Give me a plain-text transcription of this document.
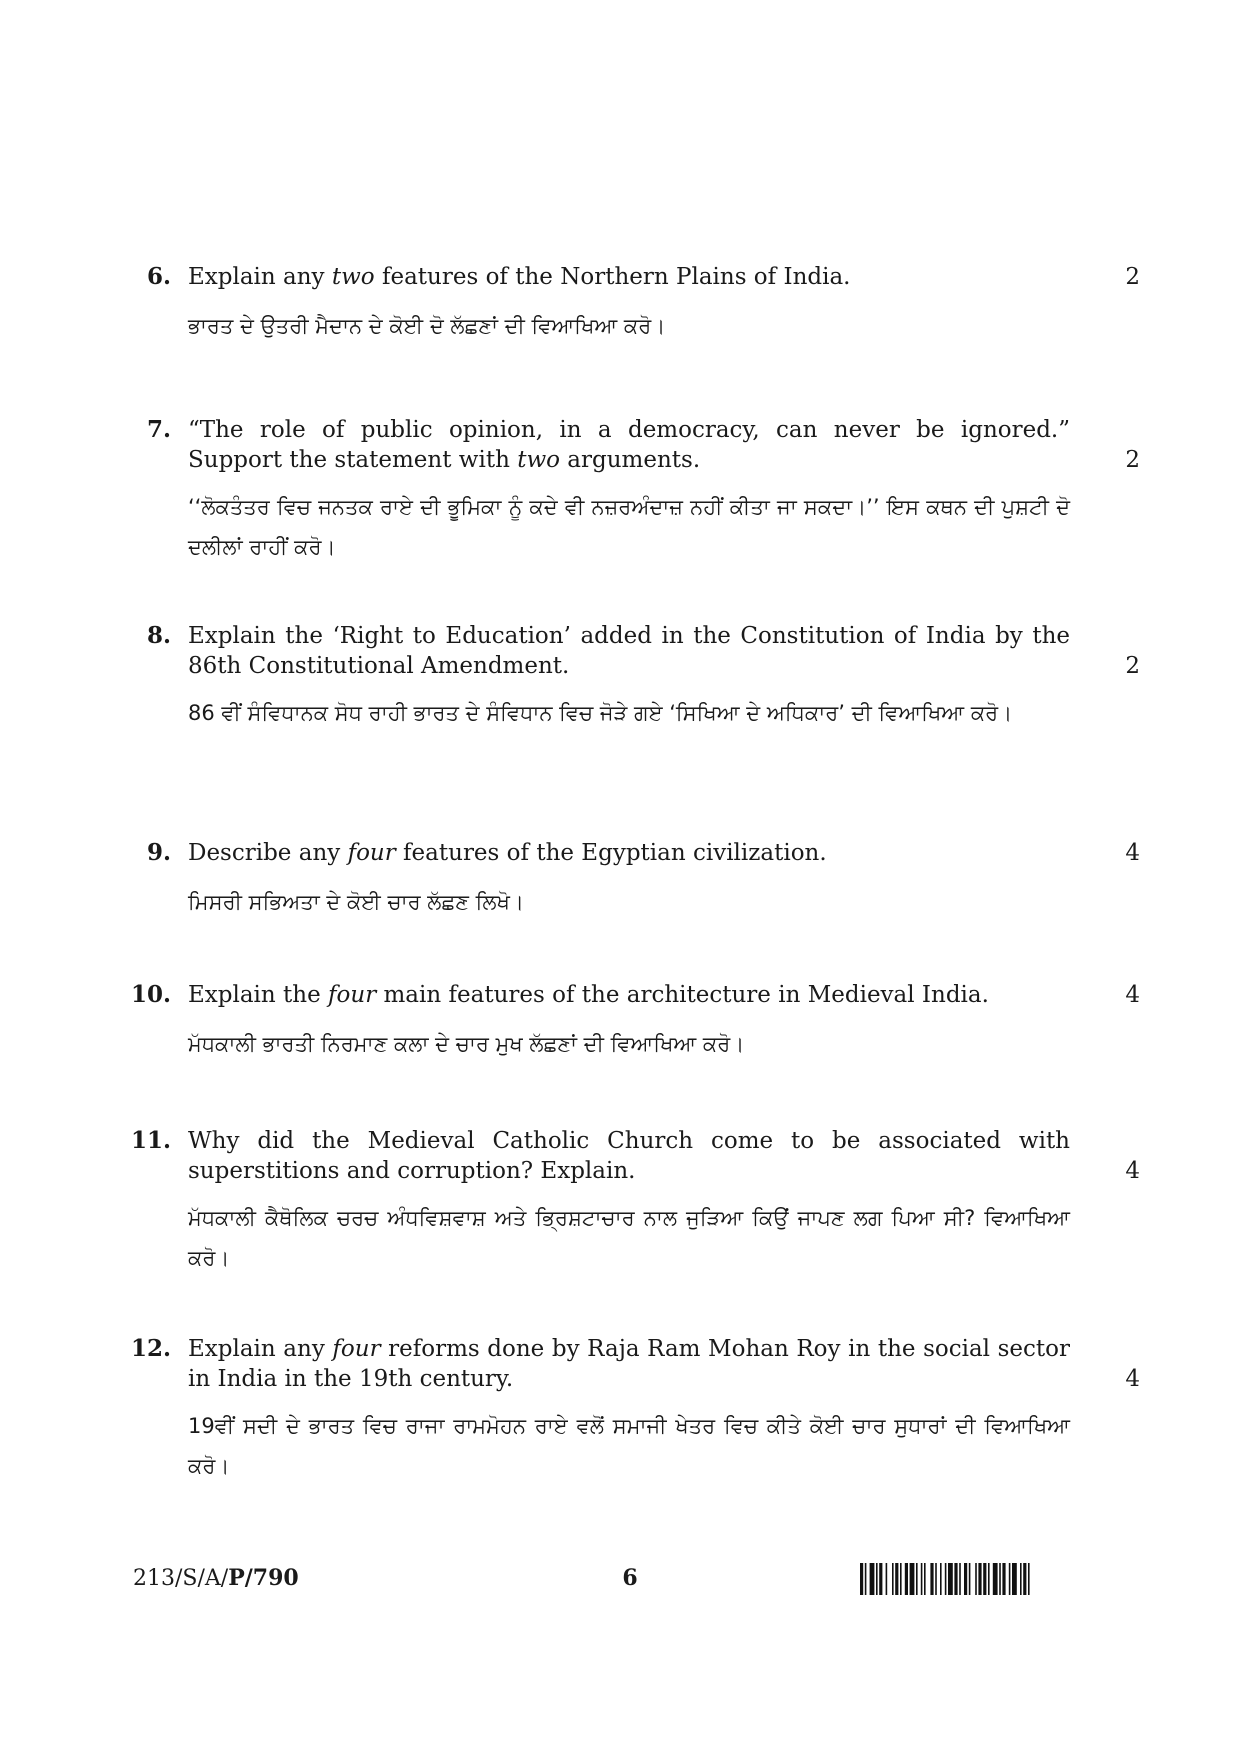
6. Explain any two features of the Northern Plains of India.	2
ਭਾਰਤ ਦੇ ਉਤਰੀ ਮੈਦਾਨ ਦੇ ਕੋਈ ਦੋ ਲੱਛਣਾਂ ਦੀ ਵਿਆਖਿਆ ਕਰੋ।
7. “The role of public opinion, in a democracy, can never be ignored.” Support the statement with two arguments.	2
‘‘ਲੋਕਤੰਤਰ ਵਿਚ ਜਨਤਕ ਰਾਏ ਦੀ ਭੂਮਿਕਾ ਨੂੰ ਕਦੇ ਵੀ ਨਜ਼ਰਅੰਦਾਜ਼ ਨਹੀਂ ਕੀਤਾ ਜਾ ਸਕਦਾ।’’ ਇਸ ਕਥਨ ਦੀ ਪੁਸ਼ਟੀ ਦੋ ਦਲੀਲਾਂ ਰਾਹੀਂ ਕਰੋ।
8. Explain the ‘Right to Education’ added in the Constitution of India by the 86th Constitutional Amendment.	2
86 ਵੀਂ ਸੰਵਿਧਾਨਕ ਸੋਧ ਰਾਹੀ ਭਾਰਤ ਦੇ ਸੰਵਿਧਾਨ ਵਿਚ ਜੋੜੇ ਗਏ ‘ਸਿਖਿਆ ਦੇ ਅਧਿਕਾਰ’ ਦੀ ਵਿਆਖਿਆ ਕਰੋ।
9. Describe any four features of the Egyptian civilization.	4
ਮਿਸਰੀ ਸਭਿਅਤਾ ਦੇ ਕੋਈ ਚਾਰ ਲੱਛਣ ਲਿਖੋ।
10. Explain the four main features of the architecture in Medieval India.	4
ਮੱਧਕਾਲੀ ਭਾਰਤੀ ਨਿਰਮਾਣ ਕਲਾ ਦੇ ਚਾਰ ਮੁਖ ਲੱਛਣਾਂ ਦੀ ਵਿਆਖਿਆ ਕਰੋ।
11. Why did the Medieval Catholic Church come to be associated with superstitions and corruption? Explain.	4
ਮੱਧਕਾਲੀ ਕੈਥੋਲਿਕ ਚਰਚ ਅੰਧਵਿਸ਼ਵਾਸ਼ ਅਤੇ ਭ੍ਰਿਸ਼ਟਾਚਾਰ ਨਾਲ ਜੁੜਿਆ ਕਿਉਂ ਜਾਪਣ ਲਗ ਪਿਆ ਸੀ? ਵਿਆਖਿਆ ਕਰੋ।
12. Explain any four reforms done by Raja Ram Mohan Roy in the social sector in India in the 19th century.	4
19ਵੀਂ ਸਦੀ ਦੇ ਭਾਰਤ ਵਿਚ ਰਾਜਾ ਰਾਮਮੋਹਨ ਰਾਏ ਵਲੋਂ ਸਮਾਜੀ ਖੇਤਰ ਵਿਚ ਕੀਤੇ ਕੋਈ ਚਾਰ ਸੁਧਾਰਾਂ ਦੀ ਵਿਆਖਿਆ ਕਰੋ।
213/S/A/P/790	6
